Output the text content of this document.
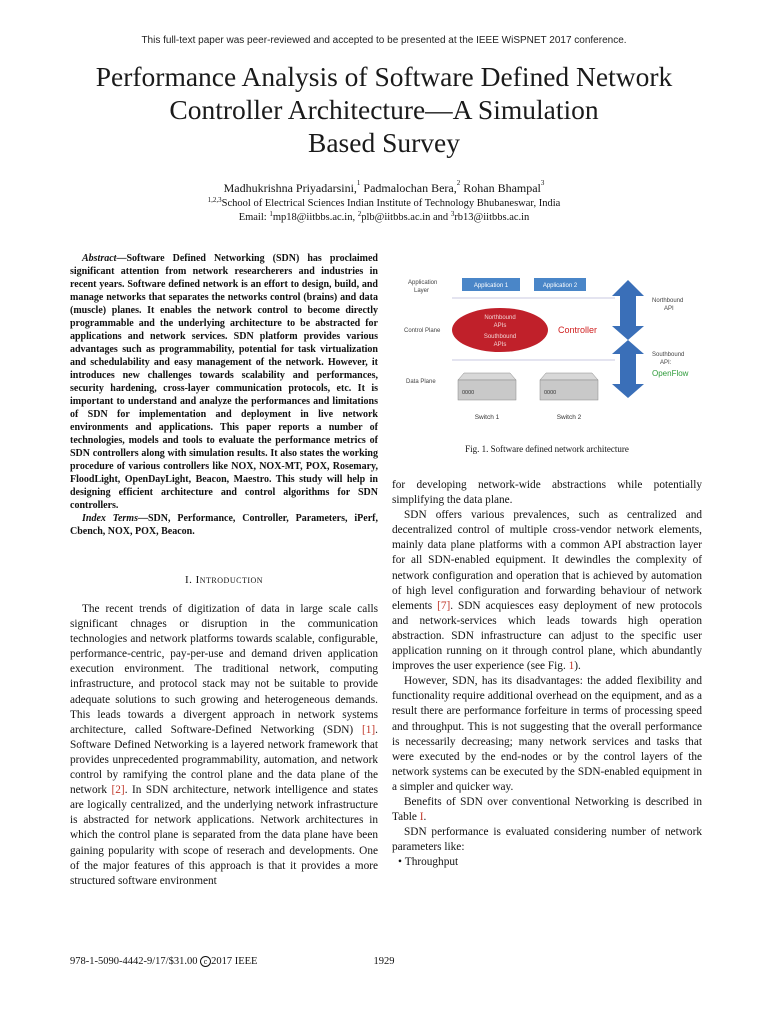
This full-text paper was peer-reviewed and accepted to be presented at the IEEE WiSPNET 2017 conference.
Performance Analysis of Software Defined Network
Controller Architecture—A Simulation
Based Survey
Madhukrishna Priyadarsini,$^1$ Padmalochan Bera,$^2$ Rohan Bhampal$^3$
$^{1,2,3}$School of Electrical Sciences Indian Institute of Technology Bhubaneswar, India
Email: $^1$mp18@iitbbs.ac.in, $^2$plb@iitbbs.ac.in and $^3$rb13@iitbbs.ac.in

Abstract—Software Defined Networking (SDN) has proclaimed significant attention from network researcherers and industries in recent years. Software defined network is an effort to design, build, and manage networks that separates the networks control (brains) and data (muscle) planes. It enables the network control to become directly programmable and the underlying architecture to be abstracted for applications and network services. SDN platform provides various advantages such as programmability, potential for task virtualization and schedulability and easy management of the network. However, it introduces new challenges towards scalability and performances, security hardening, cross-layer communication protocols, etc. It is important to understand and analyze the performances and limitations of SDN for implementation and deployment in live network environments and applications. This paper reports a number of technologies, models and tools to evaluate the performance metrics of SDN controllers along with simulation results. It also states the working procedure of various controllers like NOX, NOX-MT, POX, Rosemary, FloodLight, OpenDayLight, Beacon, Maestro. This study will help in designing efficient architecture and control algorithms for SDN controllers.

Index Terms—SDN, Performance, Controller, Parameters, iPerf, Cbench, NOX, POX, Beacon.

I. Introduction

The recent trends of digitization of data in large scale calls significant chnages or disruption in the communication technologies and network platforms towards scalable, configurable, performance-centric, pay-per-use and demand driven application execution environment. The traditional network, computing infrastructure, and protocol stack may not be suitable to provide adequate solutions to such growing and heterogeneous demands. This leads towards a divergent approach in network systems architecture, called Software-Defined Networking (SDN) [1]. Software Defined Networking is a layered network framework that provides unprecedented programmability, automation, and network control by ramifying the control plane and the data plane of the network [2]. In SDN architecture, network intelligence and states are logically centralized, and the underlying network infrastructure is abstracted for network applications. Network architectures in which the control plane is separated from the data plane have been gaining popularity with scope of reserach and developments. One of the major features of this approach is that it provides a more structured software environment

Application
Layer
Application 1	Application 2
Control Plane
Northbound
APIs
Southbound
APIs
Controller
Northbound
API
Southbound
API:
OpenFlow
Data Plane
0000	0000
Switch 1	Switch 2
Fig. 1. Software defined network architecture

for developing network-wide abstractions while potentially simplifying the data plane.

SDN offers various prevalences, such as centralized and decentralized control of multiple cross-vendor network elements, mainly data plane platforms with a common API abstraction layer for all SDN-enabled equipment. It dewindles the complexity of network configuration and operation that is achieved by automation of high level configuration and forwarding behaviour of network elements [7]. SDN acquiesces easy deployment of new protocols and network-services which leads towards high operation abstraction. SDN infrastructure can adjust to the specific user application running on it through control plane, which abundantly improves the user experience (see Fig. 1).

However, SDN, has its disadvantages: the added flexibility and functionality require additional overhead on the equipment, and as a result there are performance forfeiture in terms of processing speed and throughput. This is not suggesting that the overall performance is necessarily decreasing; many network services and tasks that were executed by the end-nodes or by the control layers of the network systems can be executed by the SDN-enabled equipment in a simpler and quicker way.

Benefits of SDN over conventional Networking is described in Table I.

SDN performance is evaluated considering number of network parameters like:

• Throughput

978-1-5090-4442-9/17/$31.00 c 2017 IEEE	1929
